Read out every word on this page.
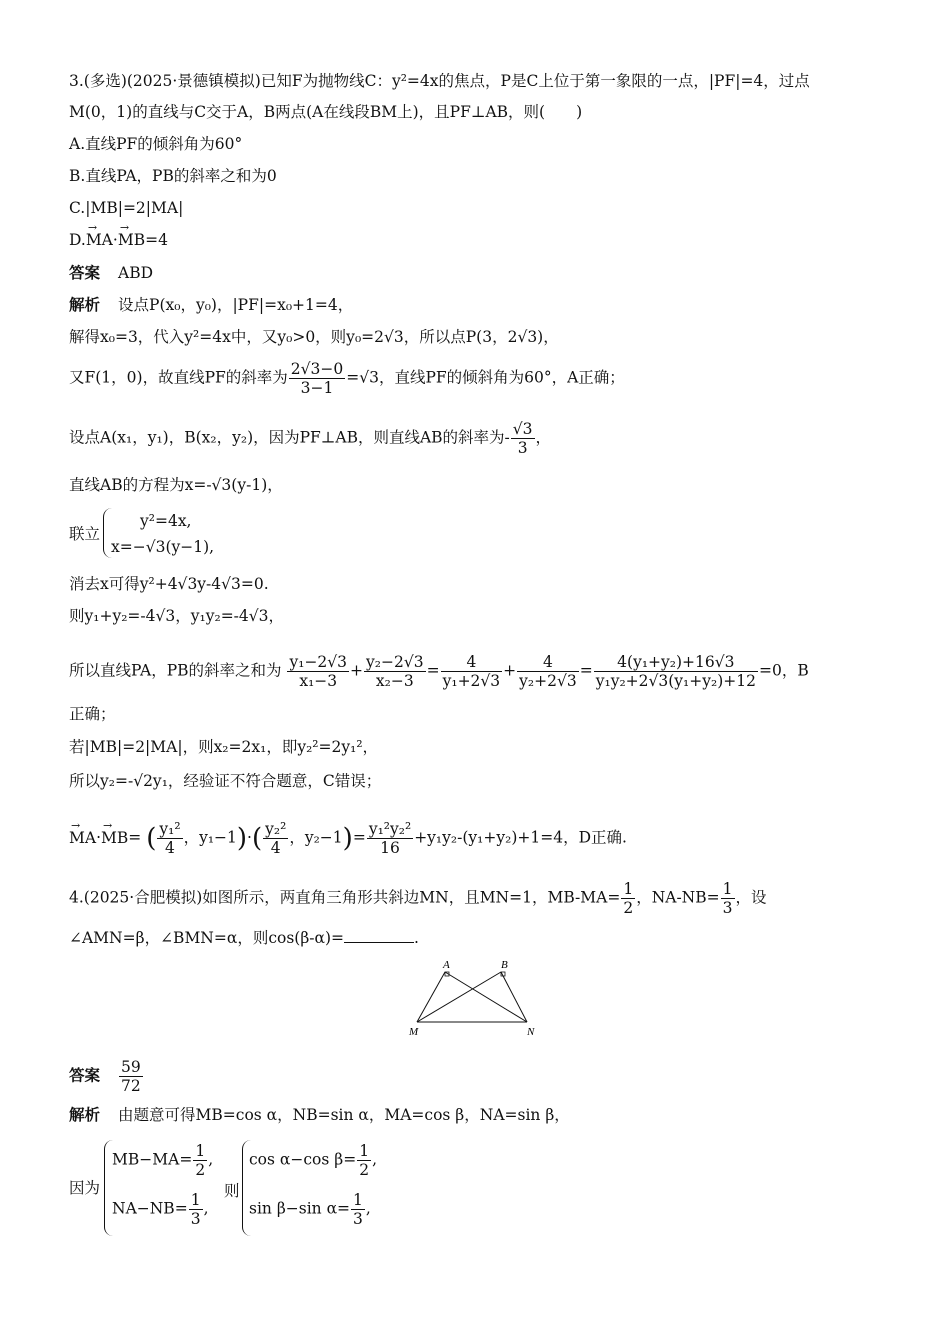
3.(多选)(2025·景德镇模拟)已知F为抛物线C：y²=4x的焦点，P是C上位于第一象限的一点，|PF|=4，过点
M(0，1)的直线与C交于A，B两点(A在线段BM上)，且PF⊥AB，则(　　)
A.直线PF的倾斜角为60°
B.直线PA，PB的斜率之和为0
C.|MB|=2|MA|
D.→ MA·→ MB=4
答案 ABD
解析 设点P(x₀，y₀)，|PF|=x₀+1=4，
解得x₀=3，代入y²=4x中，又y₀>0，则y₀=2√3，所以点P(3，2√3)，
又F(1，0)，故直线PF的斜率为 $\frac{2√3-0}{3-1} =√3$，直线PF的倾斜角为60°，A正确；
设点A(x₁，y₁)，B(x₂，y₂)，因为PF⊥AB，则直线AB的斜率为- $\frac{√3}{3}$ ，
直线AB的方程为x=-√3(y-1)，
联立
y²=4x,
x=−√3(y−1),
消去x可得y²+4√3y-4√3=0.
则y₁+y₂=-4√3，y₁y₂=-4√3，
所以直线PA，PB的斜率之和为 $\frac{\text{y₁−2√3}}{\text{x₁−3}} + \frac{\text{y₂−2√3}}{\text{x₂−3}} = \frac{4}{\text{y₁+2√3}} + \frac{4}{\text{y₂+2√3}} = \frac{\text{4(y₁+y₂)+16√3}}{\text{y₁y₂+2√3(y₁+y₂)+12}} =0$，B
正确；
若|MB|=2|MA|，则x₂=2x₁，即y₂²=2y₁²，
所以y₂=-√2y₁，经验证不符合题意，C错误；
→ MA·→ MB= ( $\frac{\text{y₁²}}{4}$ ，$y_1-1)\cdot( \frac{\text{y₂²}}{4}$ ，$y_2-1)= \frac{\text{y₁²y₂²}}{16} +y_1y_2-(y_1+y_2)+1=4$，D正确.
4.(2025·合肥模拟)如图所示，两直角三角形共斜边MN，且MN=1，$MB-MA= \frac{1}{2}$ ，$NA-NB= \frac{1}{3}$ ，设
∠AMN=β，∠BMN=α，则cos(β-α)=	.
A	B
M	N
答案 $\frac{59}{72}$
解析 由题意可得MB=cos α，NB=sin α，MA=cos β，NA=sin β，
因为
$MB-MA= \frac{1}{2}$ ,
$NA-NB= \frac{1}{3}$ ,
则
cos α−cos $\beta= \frac{1}{2}$ ,
sin β−sin $\alpha= \frac{1}{3}$ ,
